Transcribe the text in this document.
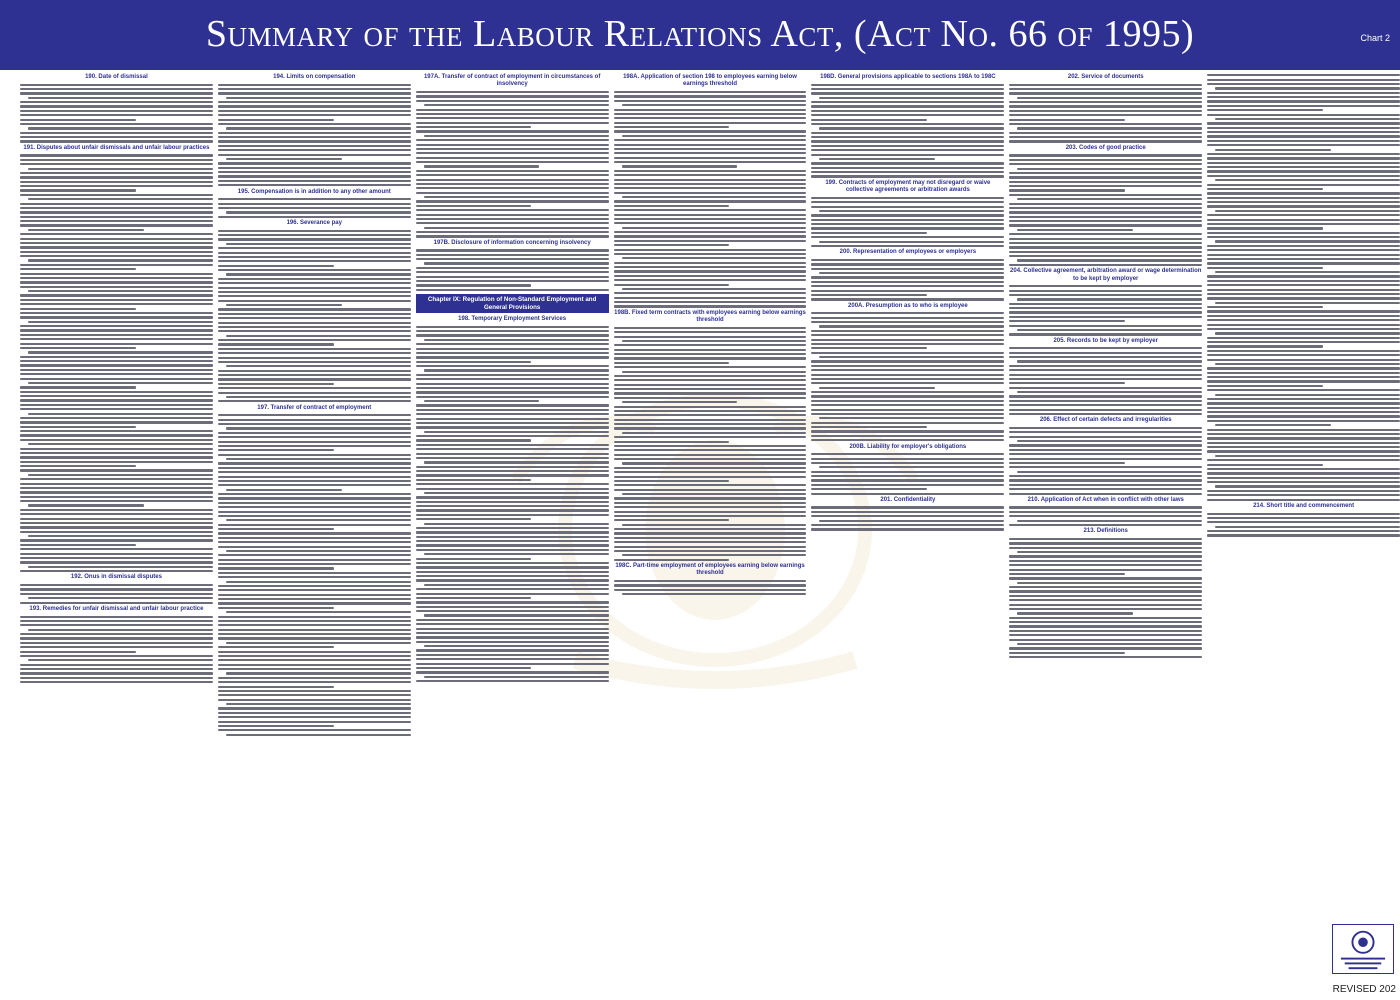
Summary of the Labour Relations Act, (Act No. 66 of 1995)	Chart 2
190. Date of dismissal
191. Disputes about unfair dismissals and unfair labour practices
192. Onus in dismissal disputes
193. Remedies for unfair dismissal and unfair labour practice
194. Limits on compensation
195. Compensation is in addition to any other amount
196. Severance pay
197. Transfer of contract of employment
197A. Transfer of contract of employment in circumstances of insolvency
197B. Disclosure of information concerning insolvency
Chapter IX: Regulation of Non-Standard Employment and General Provisions
198. Temporary Employment Services
198A. Application of section 198 to employees earning below earnings threshold
198B. Fixed term contracts with employees earning below earnings threshold
198C. Part-time employment of employees earning below earnings threshold
198D. General provisions applicable to sections 198A to 198C
199. Contracts of employment may not disregard or waive collective agreements or arbitration awards
200. Representation of employees or employers
200A. Presumption as to who is employee
200B. Liability for employer's obligations
201. Confidentiality
202. Service of documents
203. Codes of good practice
204. Collective agreement, arbitration award or wage determination to be kept by employer
205. Records to be kept by employer
206. Effect of certain defects and irregularities
210. Application of Act when in conflict with other laws
213. Definitions
214. Short title and commencement
REVISED 202
